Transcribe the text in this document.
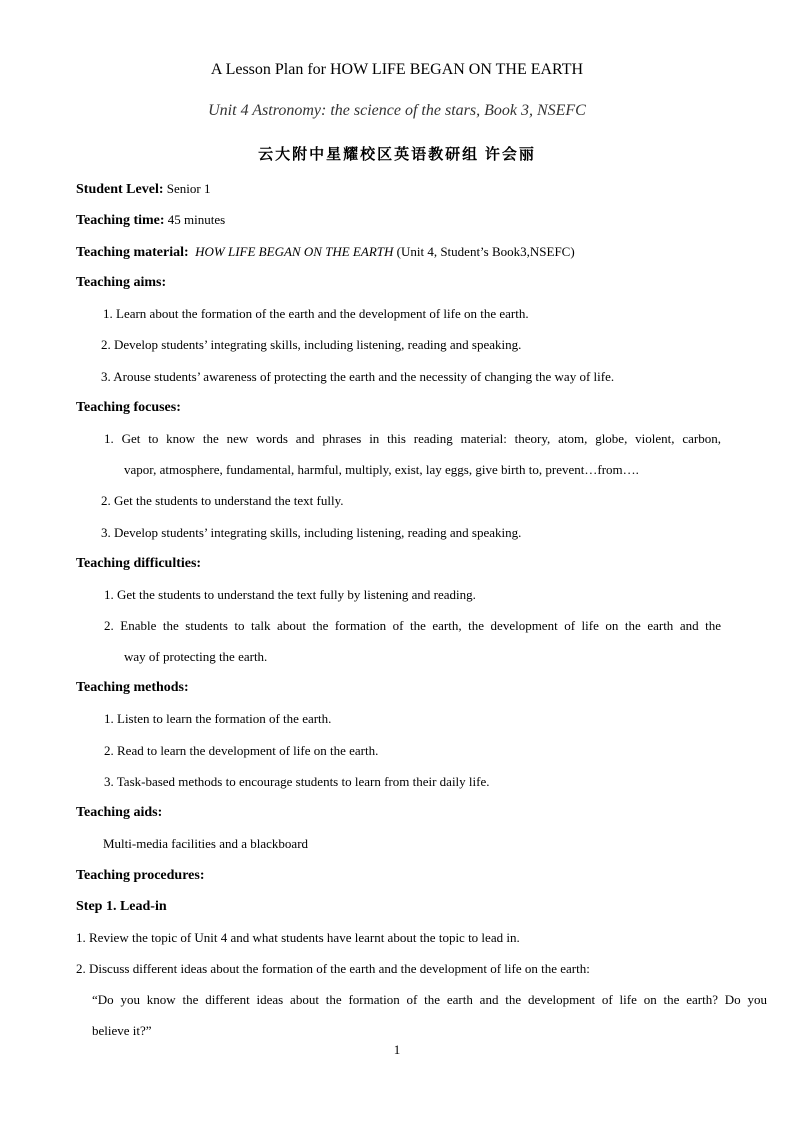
A Lesson Plan for HOW LIFE BEGAN ON THE EARTH
Unit 4 Astronomy: the science of the stars, Book 3, NSEFC
云大附中星耀校区英语教研组 许会丽
Student Level: Senior 1
Teaching time: 45 minutes
Teaching material: HOW LIFE BEGAN ON THE EARTH (Unit 4, Student’s Book3,NSEFC)
Teaching aims:
1. Learn about the formation of the earth and the development of life on the earth.
2. Develop students’ integrating skills, including listening, reading and speaking.
3. Arouse students’ awareness of protecting the earth and the necessity of changing the way of life.
Teaching focuses:
1. Get to know the new words and phrases in this reading material: theory, atom, globe, violent, carbon,
vapor, atmosphere, fundamental, harmful, multiply, exist, lay eggs, give birth to, prevent…from….
2. Get the students to understand the text fully.
3. Develop students’ integrating skills, including listening, reading and speaking.
Teaching difficulties:
1. Get the students to understand the text fully by listening and reading.
2. Enable the students to talk about the formation of the earth, the development of life on the earth and the
way of protecting the earth.
Teaching methods:
1. Listen to learn the formation of the earth.
2. Read to learn the development of life on the earth.
3. Task-based methods to encourage students to learn from their daily life.
Teaching aids:
Multi-media facilities and a blackboard
Teaching procedures:
Step 1. Lead-in
1. Review the topic of Unit 4 and what students have learnt about the topic to lead in.
2. Discuss different ideas about the formation of the earth and the development of life on the earth:
“Do you know the different ideas about the formation of the earth and the development of life on the earth? Do you
believe it?”
1
